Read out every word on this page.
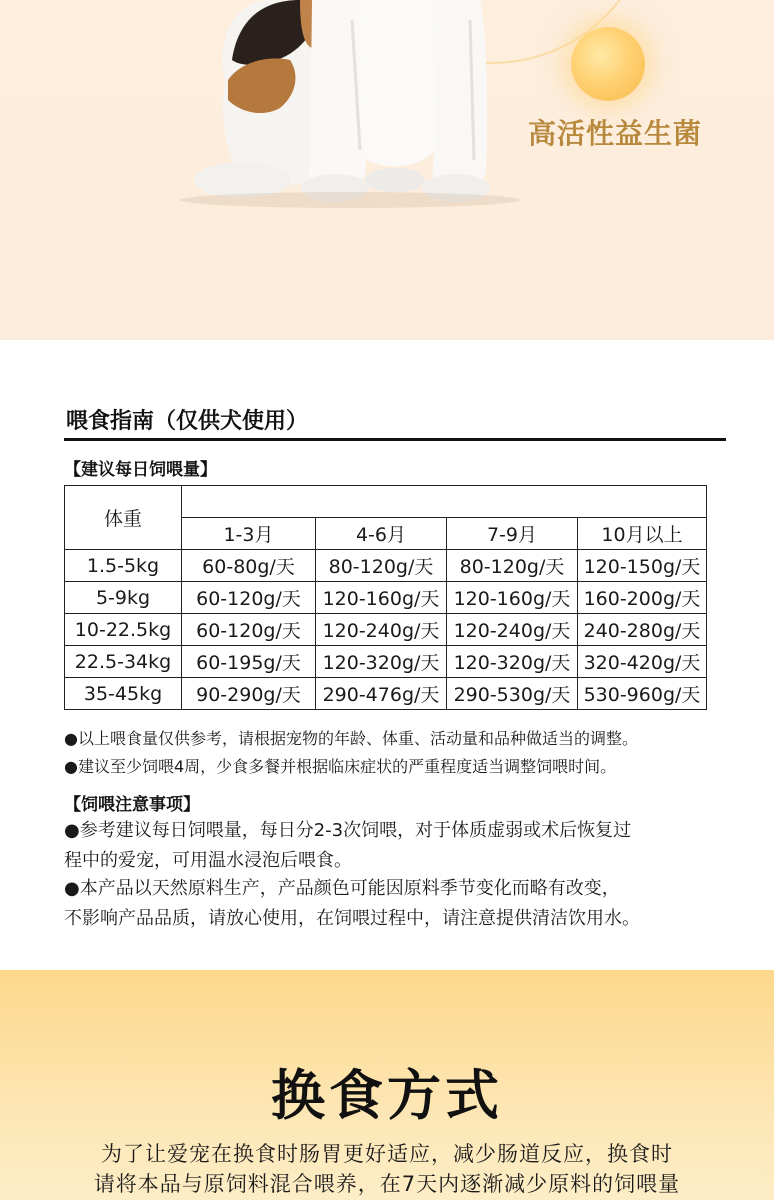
高活性益生菌
喂食指南（仅供犬使用）
【建议每日饲喂量】
体重				
	1-3月	4-6月	7-9月	10月以上
1.5-5kg	60-80g/天	80-120g/天	80-120g/天	120-150g/天
5-9kg	60-120g/天	120-160g/天	120-160g/天	160-200g/天
10-22.5kg	60-120g/天	120-240g/天	120-240g/天	240-280g/天
22.5-34kg	60-195g/天	120-320g/天	120-320g/天	320-420g/天
35-45kg	90-290g/天	290-476g/天	290-530g/天	530-960g/天
●以上喂食量仅供参考，请根据宠物的年龄、体重、活动量和品种做适当的调整。
●建议至少饲喂4周，少食多餐并根据临床症状的严重程度适当调整饲喂时间。
【饲喂注意事项】
●参考建议每日饲喂量，每日分2-3次饲喂，对于体质虚弱或术后恢复过
程中的爱宠，可用温水浸泡后喂食。
●本产品以天然原料生产，产品颜色可能因原料季节变化而略有改变，
不影响产品品质，请放心使用，在饲喂过程中，请注意提供清洁饮用水。
换食方式
为了让爱宠在换食时肠胃更好适应，减少肠道反应，换食时
请将本品与原饲料混合喂养，在7天内逐渐减少原料的饲喂量
